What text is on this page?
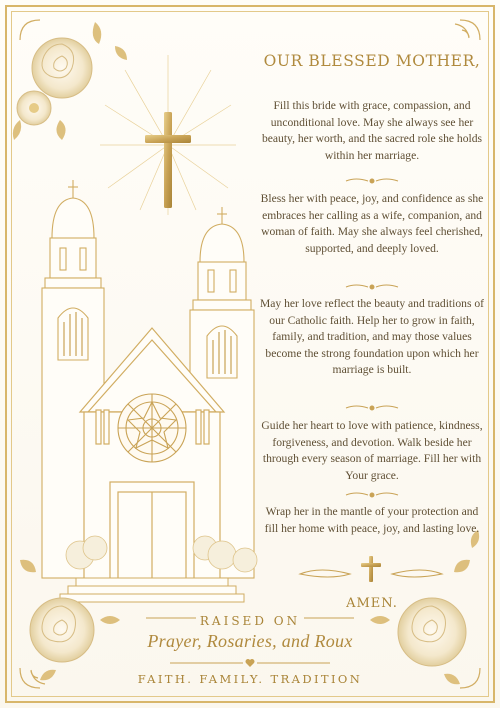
OUR BLESSED MOTHER,

Fill this bride with grace, compassion, and unconditional love. May she always see her beauty, her worth, and the sacred role she holds within her marriage.

Bless her with peace, joy, and confidence as she embraces her calling as a wife, companion, and woman of faith. May she always feel cherished, supported, and deeply loved.

May her love reflect the beauty and traditions of our Catholic faith. Help her to grow in faith, family, and tradition, and may those values become the strong foundation upon which her marriage is built.

Guide her heart to love with patience, kindness, forgiveness, and devotion. Walk beside her through every season of marriage. Fill her with Your grace.

Wrap her in the mantle of your protection and fill her home with peace, joy, and lasting love.

AMEN.
RAISED ON
Prayer, Rosaries, and Roux
FAITH. FAMILY. TRADITION
